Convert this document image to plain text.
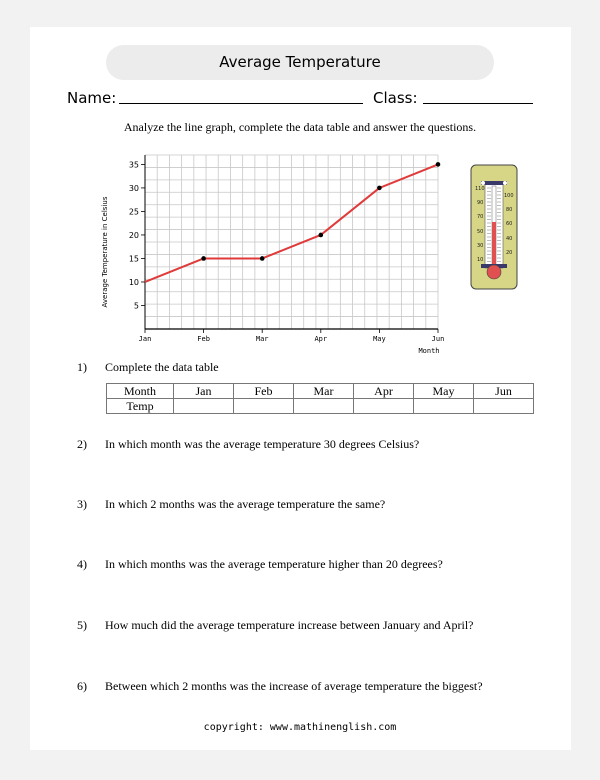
Average Temperature
Name:	Class:
Analyze the line graph, complete the data table and answer the questions.
5
10
15
20
25
30
35
Jan	Feb	Mar	Apr	May	Jun
Month
Average Temperature in Celsius
110
90
70
50
30
10
100
80
60
40
20
1) Complete the data table
Month	Jan	Feb	Mar	Apr	May	Jun
Temp						
2) In which month was the average temperature 30 degrees Celsius?
3) In which 2 months was the average temperature the same?
4) In which months was the average temperature higher than 20 degrees?
5) How much did the average temperature increase between January and April?
6) Between which 2 months was the increase of average temperature the biggest?
copyright: www.mathinenglish.com
